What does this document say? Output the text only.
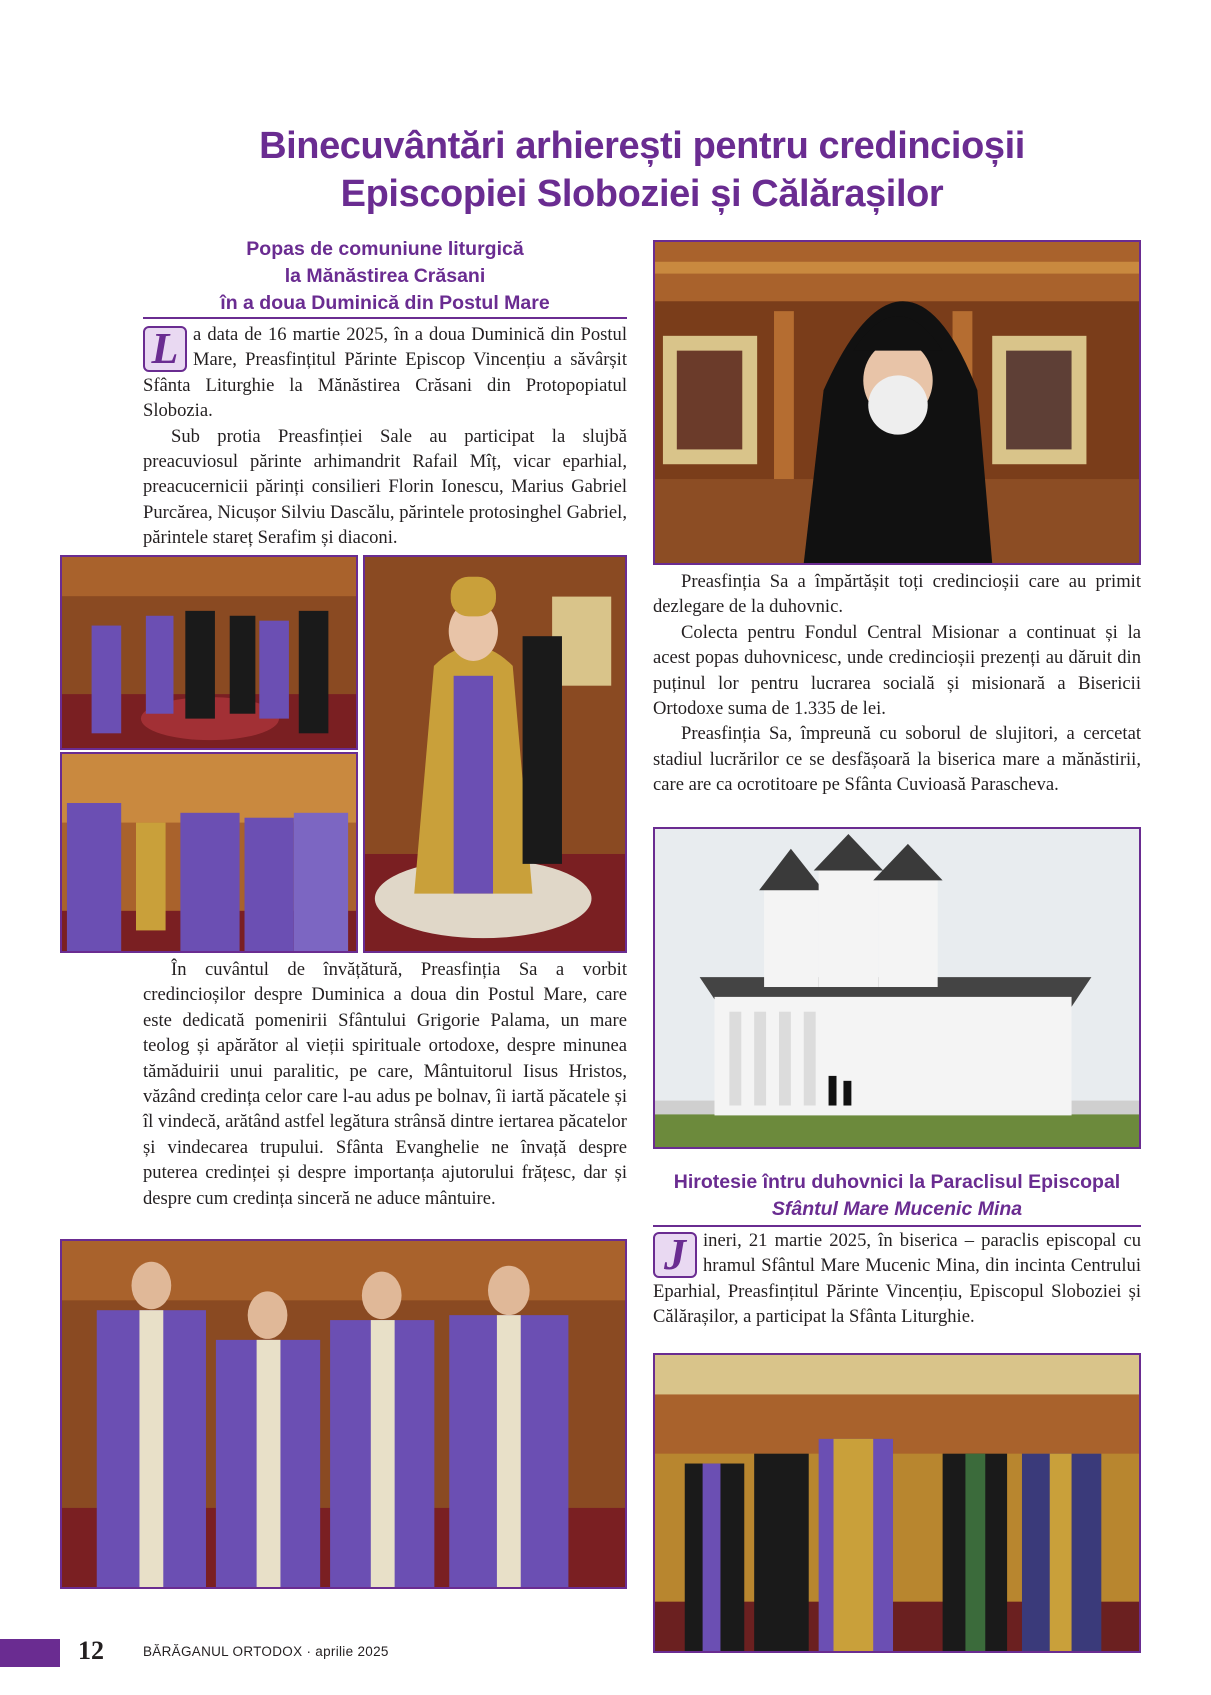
Binecuvântări arhierești pentru credincioșii
Episcopiei Sloboziei și Călărașilor
Popas de comuniune liturgică
la Mănăstirea Crăsani
în a doua Duminică din Postul Mare

L a data de 16 martie 2025, în a doua Duminică din Postul Mare, Preasfințitul Părinte Episcop Vincențiu a săvârșit Sfânta Liturghie la Mănăstirea Crăsani din Protopopiatul Slobozia.

Sub protia Preasfinției Sale au participat la slujbă preacuviosul părinte arhimandrit Rafail Mîț, vicar eparhial, preacucernicii părinți consilieri Florin Ionescu, Marius Gabriel Purcărea, Nicușor Silviu Dascălu, părintele protosinghel Gabriel, părintele stareț Serafim și diaconi.

Preasfinția Sa a împărtășit toți credincioșii care au primit dezlegare de la duhovnic.

Colecta pentru Fondul Central Misionar a continuat și la acest popas duhovnicesc, unde credincioșii prezenți au dăruit din puținul lor pentru lucrarea socială și misionară a Bisericii Ortodoxe suma de 1.335 de lei.

Preasfinția Sa, împreună cu soborul de slujitori, a cercetat stadiul lucrărilor ce se desfășoară la biserica mare a mănăstirii, care are ca ocrotitoare pe Sfânta Cuvioasă Parascheva.

În cuvântul de învățătură, Preasfinția Sa a vorbit credincioșilor despre Duminica a doua din Postul Mare, care este dedicată pomenirii Sfântului Grigorie Palama, un mare teolog și apărător al vieții spirituale ortodoxe, despre minunea tămăduirii unui paralitic, pe care, Mântuitorul Iisus Hristos, văzând credința celor care l-au adus pe bolnav, îi iartă păcatele și îl vindecă, arătând astfel legătura strânsă dintre iertarea păcatelor și vindecarea trupului. Sfânta Evanghelie ne învață despre puterea credinței și despre importanța ajutorului frățesc, dar și despre cum credința sinceră ne aduce mântuire.

Hirotesie întru duhovnici la Paraclisul Episcopal
Sfântul Mare Mucenic Mina

J ineri, 21 martie 2025, în biserica – paraclis episcopal cu hramul Sfântul Mare Mucenic Mina, din incinta Centrului Eparhial, Preasfințitul Părinte Vincențiu, Episcopul Sloboziei și Călărașilor, a participat la Sfânta Liturghie.

12	BĂRĂGANUL ORTODOX · aprilie 2025
